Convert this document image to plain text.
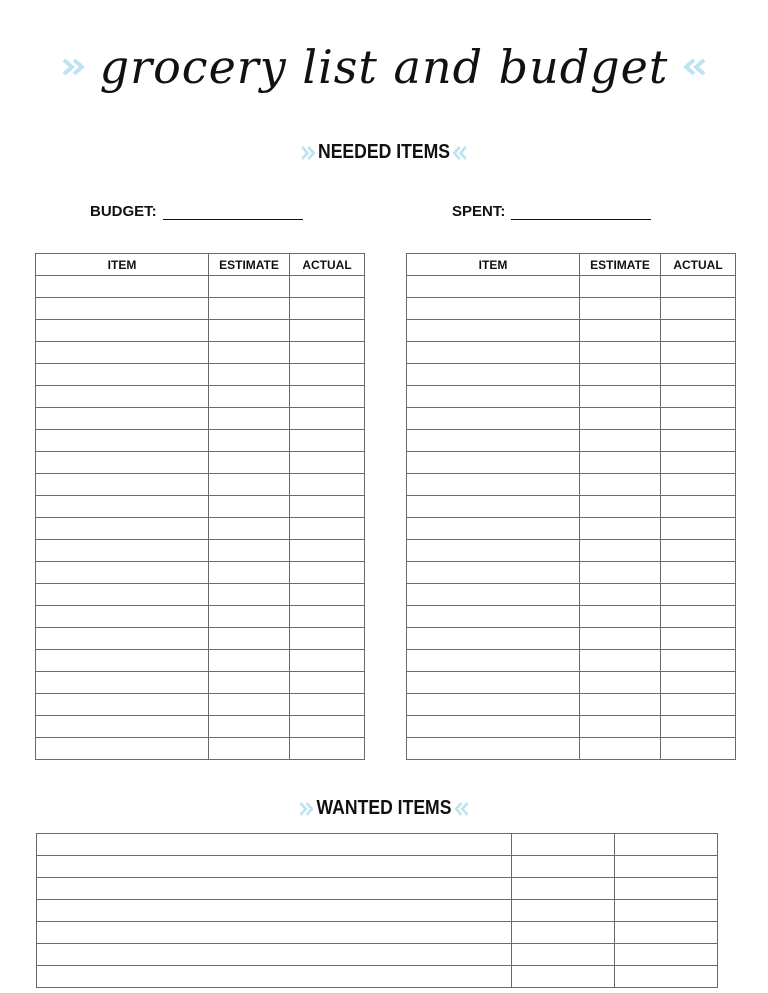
grocery list and budget
NEEDED ITEMS
BUDGET:	SPENT:
ITEM	ESTIMATE	ACTUAL

			ITEM	ESTIMATE	ACTUAL

WANTED ITEMS
